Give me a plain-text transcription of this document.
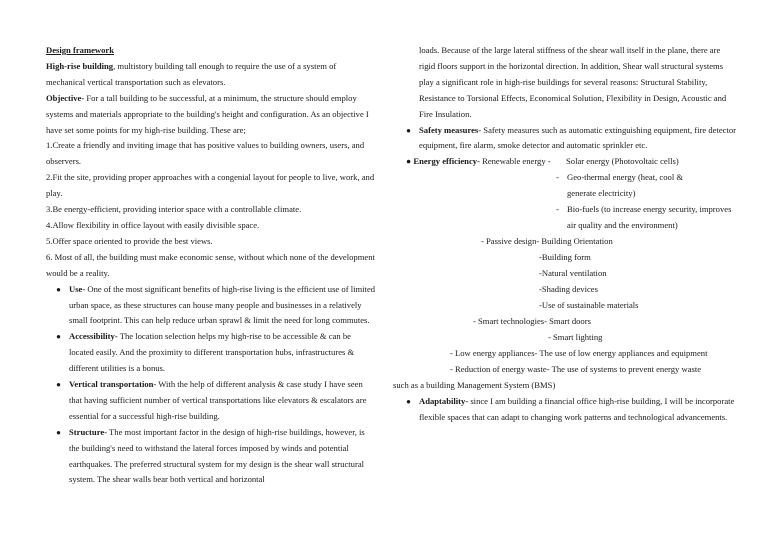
Design framework

High-rise building, multistory building tall enough to require the use of a system of mechanical vertical transportation such as elevators.

Objective- For a tall building to be successful, at a minimum, the structure should employ systems and materials appropriate to the building's height and configuration. As an objective I have set some points for my high-rise building. These are;

1.Create a friendly and inviting image that has positive values to building owners, users, and observers.

2.Fit the site, providing proper approaches with a congenial layout for people to live, work, and play.

3.Be energy-efficient, providing interior space with a controllable climate.

4.Allow flexibility in office layout with easily divisible space.

5.Offer space oriented to provide the best views.

6. Most of all, the building must make economic sense, without which none of the development would be a reality.

● Use- One of the most significant benefits of high-rise living is the efficient use of limited urban space, as these structures can house many people and businesses in a relatively small footprint. This can help reduce urban sprawl & limit the need for long commutes.

● Accessibility- The location selection helps my high-rise to be accessible & can be located easily. And the proximity to different transportation hubs, infrastructures & different utilities is a bonus.

● Vertical transportation- With the help of different analysis & case study I have seen that having sufficient number of vertical transportations like elevators & escalators are essential for a successful high-rise building.

● Structure- The most important factor in the design of high-rise buildings, however, is the building's need to withstand the lateral forces imposed by winds and potential earthquakes. The preferred structural system for my design is the shear wall structural system. The shear walls bear both vertical and horizontal

loads. Because of the large lateral stiffness of the shear wall itself in the plane, there are rigid floors support in the horizontal direction. In addition, Shear wall structural systems play a significant role in high-rise buildings for several reasons: Structural Stability, Resistance to Torsional Effects, Economical Solution, Flexibility in Design, Acoustic and Fire Insulation.

● Safety measures- Safety measures such as automatic extinguishing equipment, fire detector equipment, fire alarm, smoke detector and automatic sprinkler etc.

● Energy efficiency- Renewable energy - Solar energy (Photovoltaic cells)

- Geo-thermal energy (heat, cool & generate electricity)

- Bio-fuels (to increase energy security, improves air quality and the environment)

- Passive design- Building Orientation

-Building form

-Natural ventilation

-Shading devices

-Use of sustainable materials

- Smart technologies- Smart doors

- Smart lighting

- Low energy appliances- The use of low energy appliances and equipment

- Reduction of energy waste- The use of systems to prevent energy waste

such as a building Management System (BMS)

● Adaptability- since I am building a financial office high-rise building, I will be incorporate flexible spaces that can adapt to changing work patterns and technological advancements.
